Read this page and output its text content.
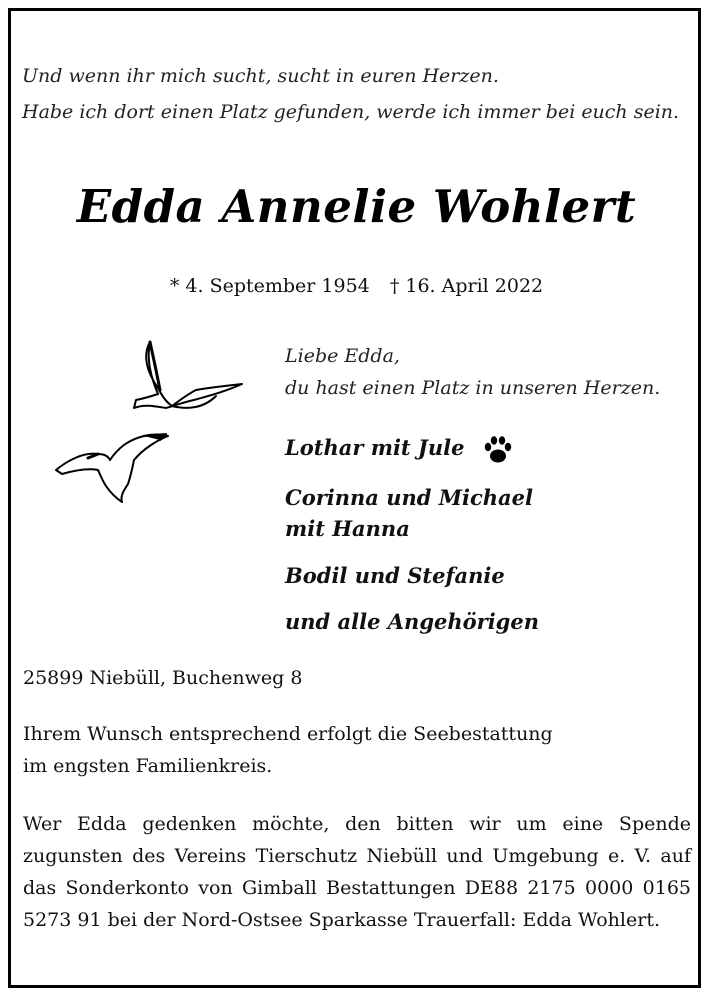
Und wenn ihr mich sucht, sucht in euren Herzen.
Habe ich dort einen Platz gefunden, werde ich immer bei euch sein.
Edda Annelie Wohlert
* 4. September 1954 † 16. April 2022
Liebe Edda,
du hast einen Platz in unseren Herzen.
Lothar mit Jule
Corinna und Michael
mit Hanna
Bodil und Stefanie
und alle Angehörigen
25899 Niebüll, Buchenweg 8
Ihrem Wunsch entsprechend erfolgt die Seebestattung
im engsten Familienkreis.
Wer Edda gedenken möchte, den bitten wir um eine Spende zugunsten des Vereins Tierschutz Niebüll und Umgebung e. V. auf das Sonderkonto von Gimball Bestattungen DE88 2175 0000 0165 5273 91 bei der Nord-Ostsee Sparkasse Trauerfall: Edda Wohlert.
